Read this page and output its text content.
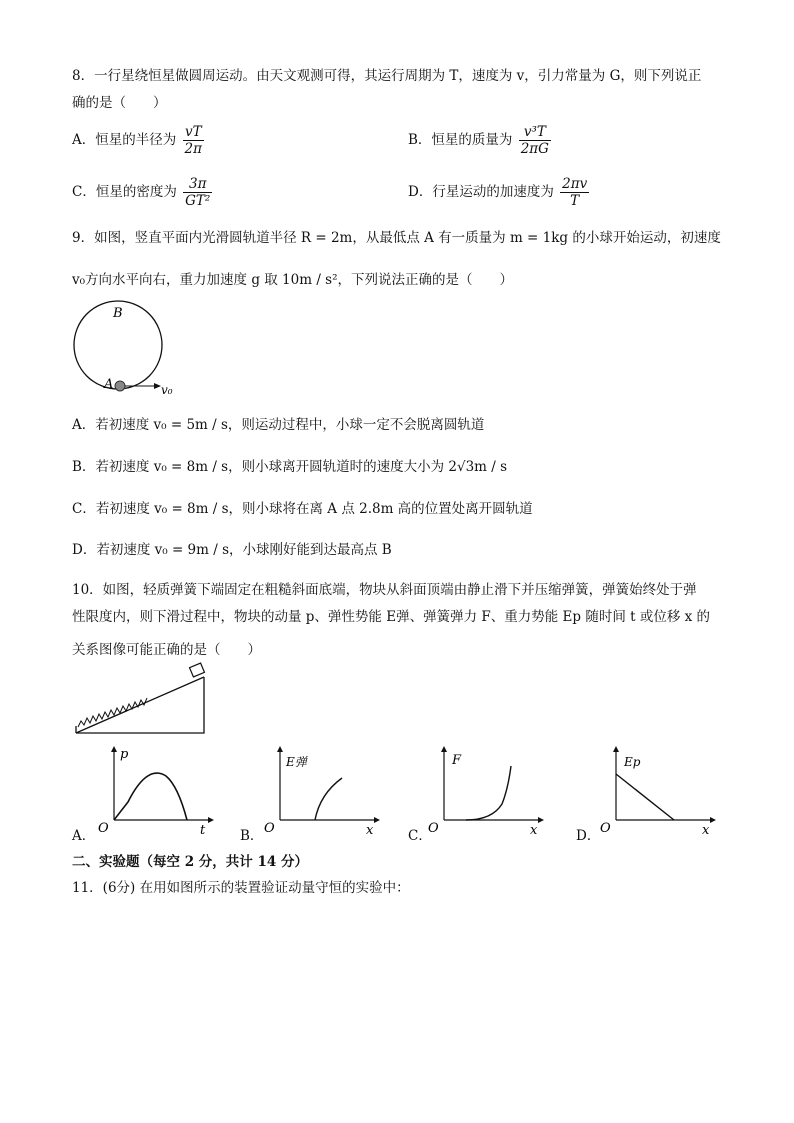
8．一行星绕恒星做圆周运动。由天文观测可得，其运行周期为 T，速度为 v，引力常量为 G，则下列说正
确的是（　　）
A．恒星的半径为 $\frac{vT}{2\pi}$	B．恒星的质量为 $\frac{\text{v³T}}{2\pi G}$
C．恒星的密度为 $\frac{3\pi}{\text{GT²}}$	D．行星运动的加速度为 $\frac{2\pi v}{T}$
9．如图，竖直平面内光滑圆轨道半径 R = 2m，从最低点 A 有一质量为 m = 1kg 的小球开始运动，初速度
v₀方向水平向右，重力加速度 g 取 10m / s²，下列说法正确的是（　　）
B
A	v₀
A．若初速度 v₀ = 5m / s，则运动过程中，小球一定不会脱离圆轨道
B．若初速度 v₀ = 8m / s，则小球离开圆轨道时的速度大小为 2√3m / s
C．若初速度 v₀ = 8m / s，则小球将在离 A 点 2.8m 高的位置处离开圆轨道
D．若初速度 v₀ = 9m / s，小球刚好能到达最高点 B
10．如图，轻质弹簧下端固定在粗糙斜面底端，物块从斜面顶端由静止滑下并压缩弹簧，弹簧始终处于弹
性限度内，则下滑过程中，物块的动量 p、弹性势能 E弹、弹簧弹力 F、重力势能 Ep 随时间 t 或位移 x 的
关系图像可能正确的是（　　）
A．
p
t
O	B．
E弹
x
O	C．
F
x
O	D．
Ep
x
O
二、实验题（每空 2 分，共计 14 分）
11．(6分) 在用如图所示的装置验证动量守恒的实验中：
